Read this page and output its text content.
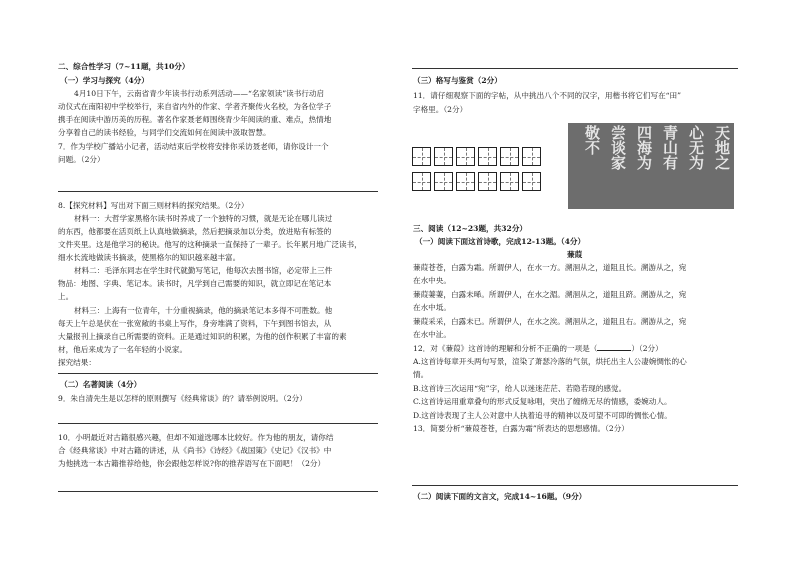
二、综合性学习（7~11题，共10分）
（一）学习与探究（4分）
4月10日下午，云南省青少年读书行动系列活动——“名家领读”读书行动启
动仪式在南阳初中学校举行，来自省内外的作家、学者齐聚传火名校，为各位学子
携手在阅读中游历美的历程。著名作家聂老师围绕青少年阅读的重、难点，热情地
分享着自己的读书经验，与同学们交流如何在阅读中汲取智慧。
7．作为学校广播站小记者，活动结束后学校将安排你采访聂老师，请你设计一个
问题。（2分）
8.【探究材料】写出对下面三则材料的探究结果。（2分）
材料一：大哲学家黑格尔读书时养成了一个独特的习惯，就是无论在哪儿读过
的东西，他都要在活页纸上认真地做摘录，然后把摘录加以分类，放进贴有标签的
文件夹里。这是他学习的秘诀。他写的这种摘录一直保持了一辈子。长年累月地广泛读书，
细水长流地做读书摘录，使黑格尔的知识越来越丰富。
材料二：毛泽东同志在学生时代就勤写笔记，他每次去图书馆，必定带上三件
物品：地图、字典、笔记本。读书时，凡学到自己需要的知识，就立即记在笔记本
上。
材料三：上海有一位青年，十分重视摘录，他的摘录笔记本多得不可胜数。他
每天上午总是伏在一张宽敞的书桌上写作，身旁堆满了资料，下午到图书馆去，从
大量报刊上摘录自己所需要的资料。正是通过知识的积累，为他的创作积累了丰富的素
材，他后来成为了一名年轻的小说家。
探究结果：
（二）名著阅读（4分）
9．朱自清先生是以怎样的原则撰写《经典常谈》的？请举例说明。（2分）
10．小明最近对古籍很感兴趣，但却不知道选哪本比较好。作为他的朋友，请你结
合《经典常谈》中对古籍的讲述，从《尚书》《诗经》《战国策》《史记》《汉书》中
为他挑选一本古籍推荐给他，你会跟他怎样说?你的推荐语写在下面吧！（2分）
（三）格写与鉴赏（2分）
11．请仔细观察下面的字帖，从中挑出八个不同的汉字，用楷书将它们写在“田”
字格里。（2分）
天地之
心无为
青山有
四海为
尝谈家
敬不
三、阅读（12~23题，共32分）
（一）阅读下面这首诗歌，完成12-13题。（4分）
蒹葭
蒹葭苍苍，白露为霜。所谓伊人，在水一方。溯洄从之，道阻且长。溯游从之，宛
在水中央。
蒹葭萋萋，白露未晞。所谓伊人，在水之湄。溯洄从之，道阻且跻。溯游从之，宛
在水中坻。
蒹葭采采，白露未已。所谓伊人，在水之涘。溯洄从之，道阻且右。溯游从之，宛
在水中沚。
12．对《蒹葭》这首诗的理解和分析不正确的一项是（	）（2分）
A.这首诗每章开头两句写景，渲染了萧瑟冷落的气氛，烘托出主人公凄婉惆怅的心
情。
B.这首诗三次运用“宛”字，给人以迷迷茫茫、若隐若现的感觉。
C.这首诗运用重章叠句的形式反复咏唱，突出了缠绵无尽的情感，委婉动人。
D.这首诗表现了主人公对意中人执着追寻的精神以及可望不可即的惆怅心情。
13．简要分析“蒹葭苍苍，白露为霜”所表达的思想感情。（2分）
（二）阅读下面的文言文，完成14~16题。（9分）
